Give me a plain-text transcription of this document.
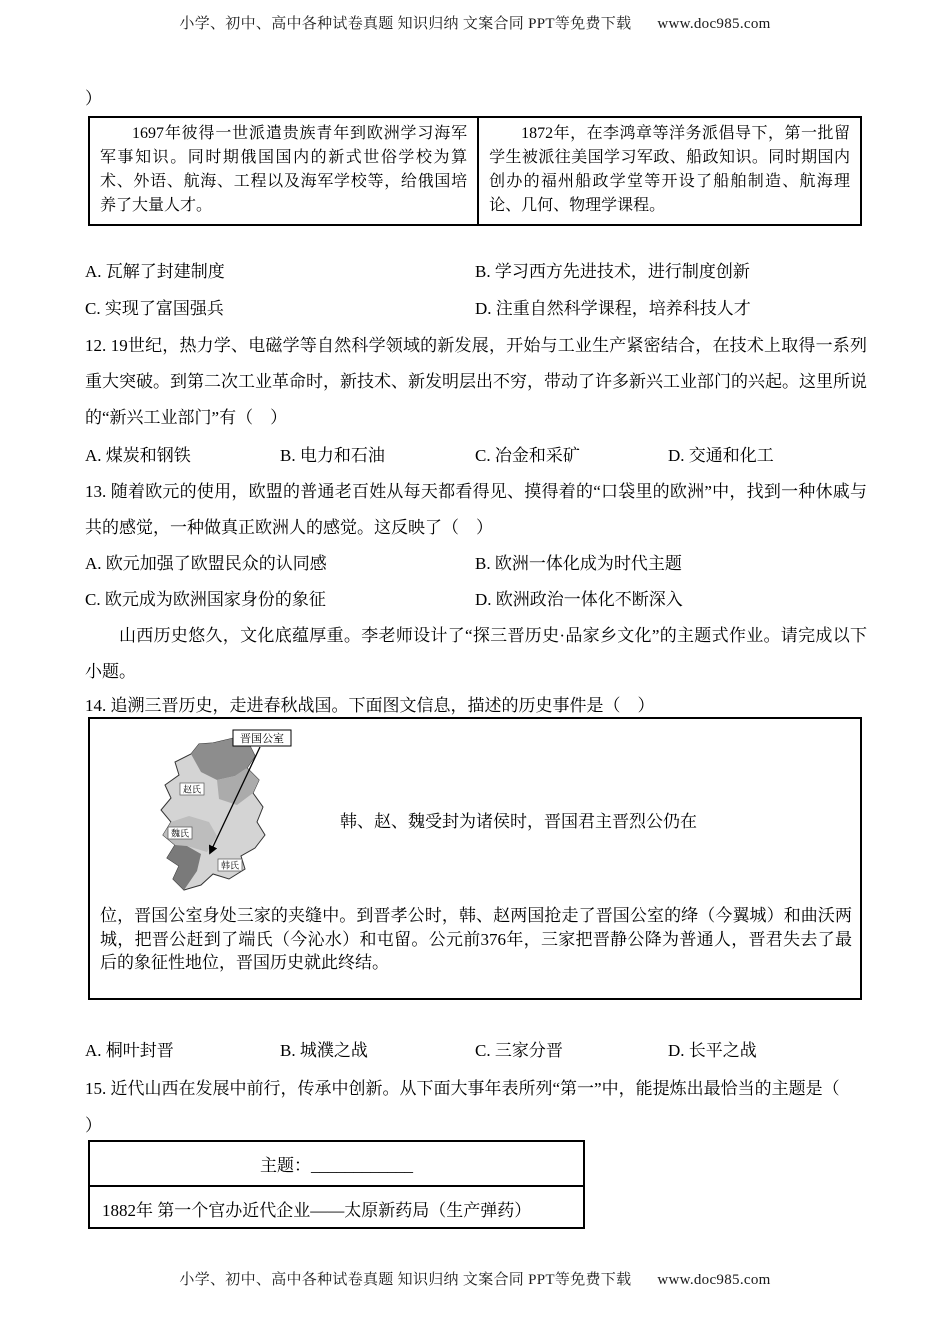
小学、初中、高中各种试卷真题 知识归纳 文案合同 PPT等免费下载 www.doc985.com
）
1697年彼得一世派遣贵族青年到欧洲学习海军军事知识。同时期俄国国内的新式世俗学校为算术、外语、航海、工程以及海军学校等，给俄国培养了大量人才。	1872年，在李鸿章等洋务派倡导下，第一批留学生被派往美国学习军政、船政知识。同时期国内创办的福州船政学堂等开设了船舶制造、航海理论、几何、物理学课程。
A. 瓦解了封建制度	B. 学习西方先进技术，进行制度创新
C. 实现了富国强兵	D. 注重自然科学课程，培养科技人才
12. 19世纪，热力学、电磁学等自然科学领域的新发展，开始与工业生产紧密结合，在技术上取得一系列重大突破。到第二次工业革命时，新技术、新发明层出不穷，带动了许多新兴工业部门的兴起。这里所说的“新兴工业部门”有（　）
A. 煤炭和钢铁	B. 电力和石油	C. 冶金和采矿	D. 交通和化工
13. 随着欧元的使用，欧盟的普通老百姓从每天都看得见、摸得着的“口袋里的欧洲”中，找到一种休戚与共的感觉，一种做真正欧洲人的感觉。这反映了（　）
A. 欧元加强了欧盟民众的认同感	B. 欧洲一体化成为时代主题
C. 欧元成为欧洲国家身份的象征	D. 欧洲政治一体化不断深入
山西历史悠久，文化底蕴厚重。李老师设计了“探三晋历史·品家乡文化”的主题式作业。请完成以下小题。
14. 追溯三晋历史，走进春秋战国。下面图文信息，描述的历史事件是（　）
晋国公室
赵氏
魏氏
韩氏
韩、赵、魏受封为诸侯时，晋国君主晋烈公仍在
位，晋国公室身处三家的夹缝中。到晋孝公时，韩、赵两国抢走了晋国公室的绛（今翼城）和曲沃两城，把晋公赶到了端氏（今沁水）和屯留。公元前376年，三家把晋静公降为普通人，晋君失去了最后的象征性地位，晋国历史就此终结。
A. 桐叶封晋	B. 城濮之战	C. 三家分晋	D. 长平之战
15. 近代山西在发展中前行，传承中创新。从下面大事年表所列“第一”中，能提炼出最恰当的主题是（
）
主题：____________
1882年 第一个官办近代企业——太原新药局（生产弹药）
小学、初中、高中各种试卷真题 知识归纳 文案合同 PPT等免费下载 www.doc985.com
